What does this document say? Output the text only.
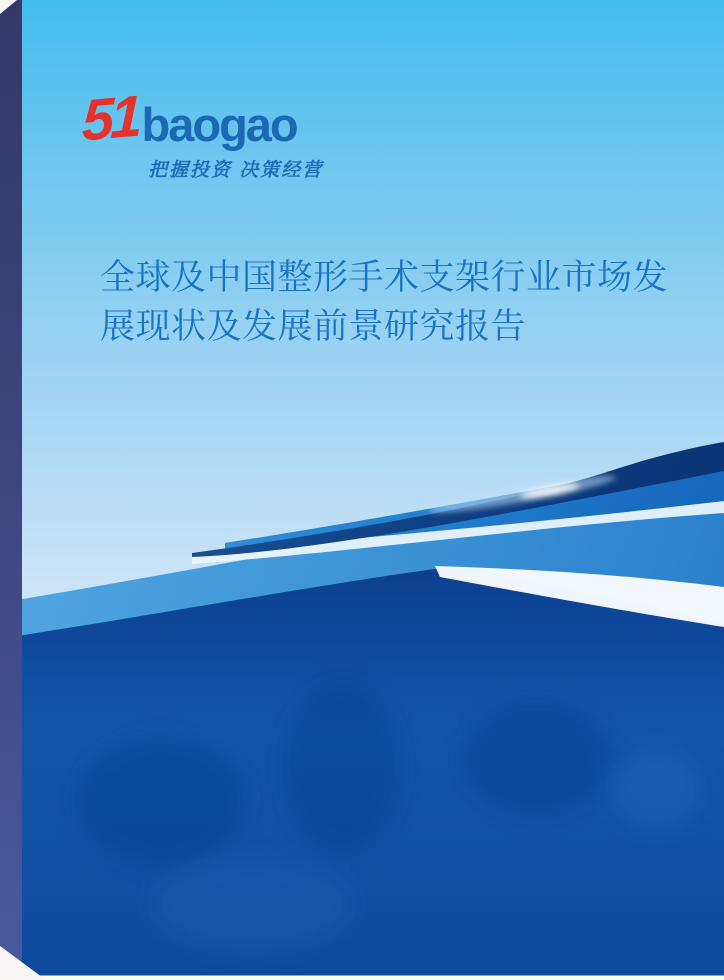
51 baogao
把握投资 决策经营
全球及中国整形手术支架行业市场发
展现状及发展前景研究报告
